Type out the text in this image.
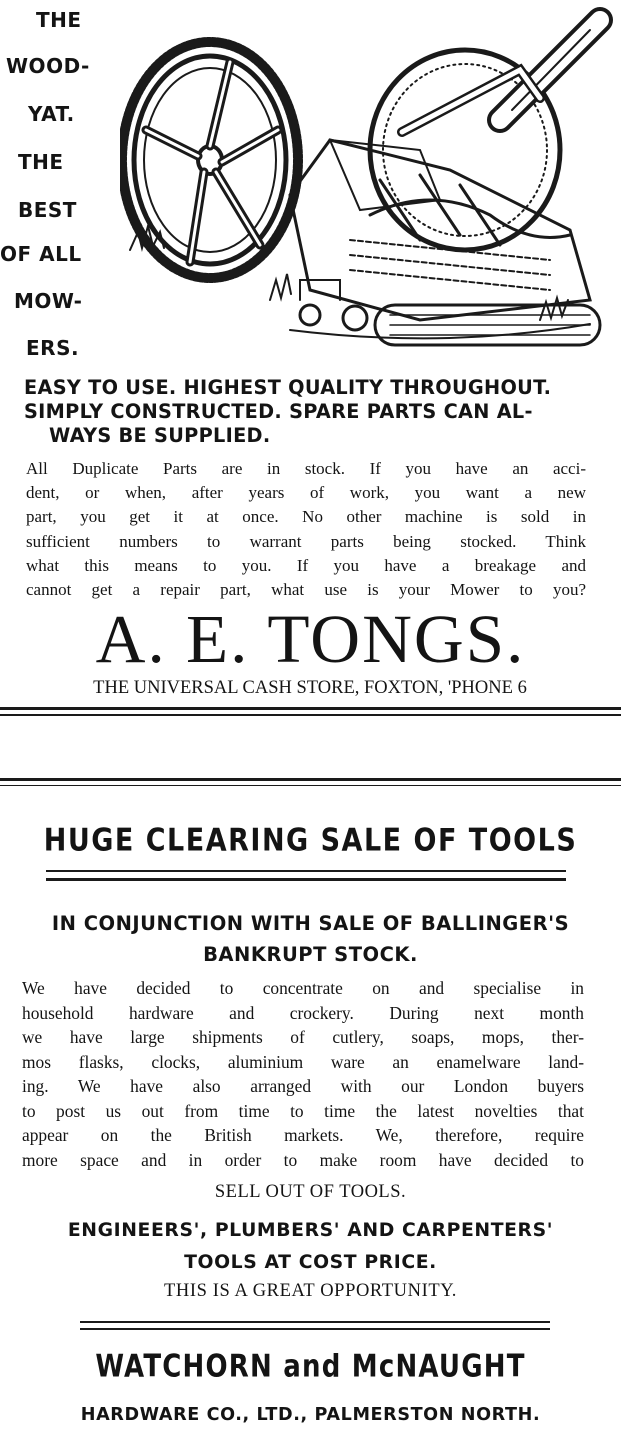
THE
WOOD-
YAT.
THE
BEST
OF ALL
MOW-
ERS.
EASY TO USE. HIGHEST QUALITY THROUGHOUT.
SIMPLY CONSTRUCTED. SPARE PARTS CAN AL-
WAYS BE SUPPLIED.
All Duplicate Parts are in stock. If you have an acci-
dent, or when, after years of work, you want a new
part, you get it at once. No other machine is sold in
sufficient numbers to warrant parts being stocked. Think
what this means to you. If you have a breakage and
cannot get a repair part, what use is your Mower to you?
A. E. TONGS.
THE UNIVERSAL CASH STORE, FOXTON, 'PHONE 6
HUGE CLEARING SALE OF TOOLS
IN CONJUNCTION WITH SALE OF BALLINGER'S
BANKRUPT STOCK.
We have decided to concentrate on and specialise in
household hardware and crockery. During next month
we have large shipments of cutlery, soaps, mops, ther-
mos flasks, clocks, aluminium ware an enamelware land-
ing. We have also arranged with our London buyers
to post us out from time to time the latest novelties that
appear on the British markets. We, therefore, require
more space and in order to make room have decided to
SELL OUT OF TOOLS.
ENGINEERS', PLUMBERS' AND CARPENTERS'
TOOLS AT COST PRICE.
THIS IS A GREAT OPPORTUNITY.
WATCHORN and McNAUGHT
HARDWARE CO., LTD., PALMERSTON NORTH.
